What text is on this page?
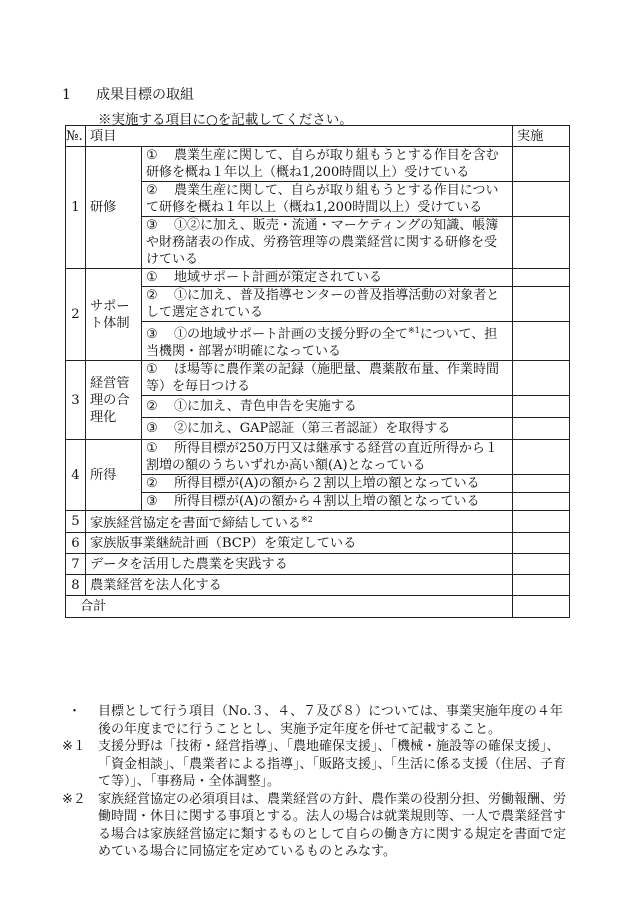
1 成果目標の取組
※実施する項目に○を記載してください。
№.	項目		実施
1	研修	① 農業生産に関して、自らが取り組もうとする作目を含む研修を概ね１年以上（概ね1,200時間以上）受けている	
		② 農業生産に関して、自らが取り組もうとする作目について研修を概ね１年以上（概ね1,200時間以上）受けている	
		③ ①②に加え、販売・流通・マーケティングの知識、帳簿や財務諸表の作成、労務管理等の農業経営に関する研修を受けている	
2	サポート体制	① 地域サポート計画が策定されている	
		② ①に加え、普及指導センターの普及指導活動の対象者として選定されている	
		③ ①の地域サポート計画の支援分野の全て$^{※1}$について、担当機関・部署が明確になっている	
3	経営管理の合理化	① ほ場等に農作業の記録（施肥量、農薬散布量、作業時間等）を毎日つける	
		② ①に加え、青色申告を実施する	
		③ ②に加え、GAP認証（第三者認証）を取得する	
4	所得	① 所得目標が250万円又は継承する経営の直近所得から１割増の額のうちいずれか高い額(A)となっている	
		② 所得目標が(A)の額から２割以上増の額となっている	
		③ 所得目標が(A)の額から４割以上増の額となっている	
5	家族経営協定を書面で締結している$^{※2}$	
6	家族版事業継続計画（BCP）を策定している		
7	データを活用した農業を実践する		
8	農業経営を法人化する		
合計			
・	目標として行う項目（No.３、４、７及び８）については、事業実施年度の４年後の年度までに行うこととし、実施予定年度を併せて記載すること。
※１ 支援分野は「技術・経営指導」、「農地確保支援」、「機械・施設等の確保支援」、「資金相談」、「農業者による指導」、「販路支援」、「生活に係る支援（住居、子育て等）」、「事務局・全体調整」。
※２ 家族経営協定の必須項目は、農業経営の方針、農作業の役割分担、労働報酬、労働時間・休日に関する事項とする。法人の場合は就業規則等、一人で農業経営する場合は家族経営協定に類するものとして自らの働き方に関する規定を書面で定めている場合に同協定を定めているものとみなす。
